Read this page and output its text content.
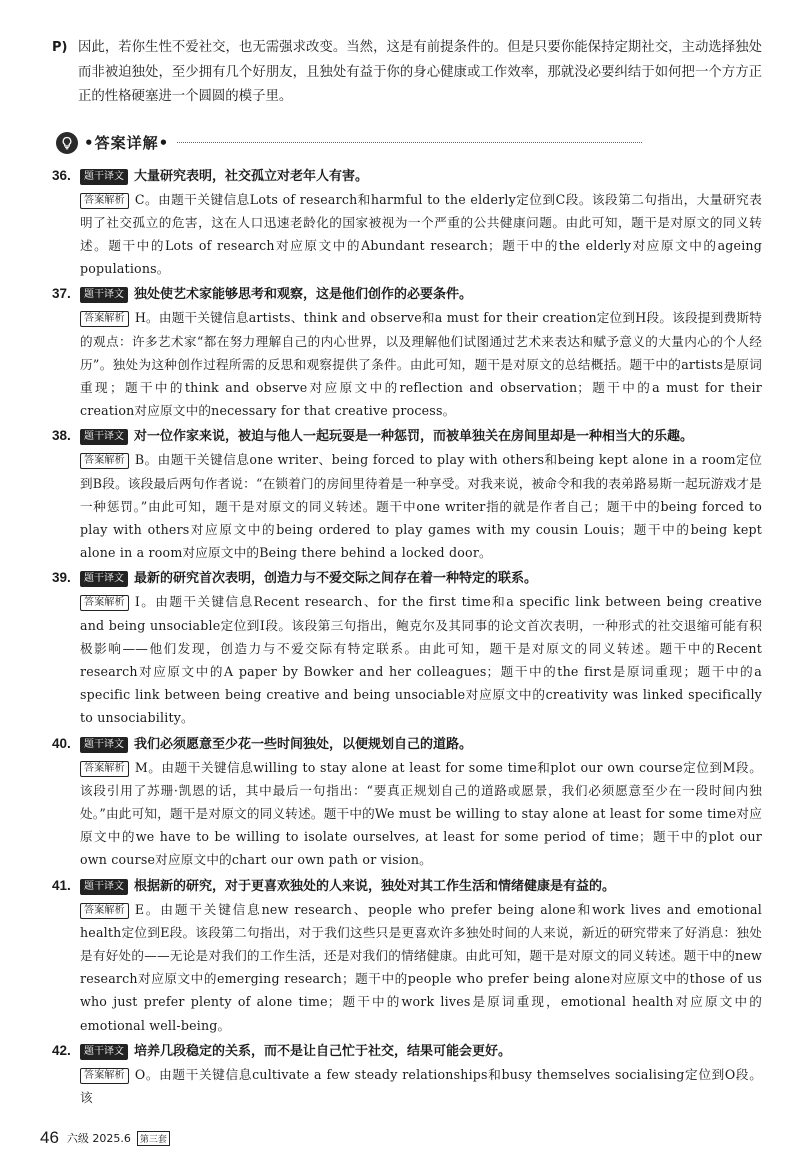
P) 因此，若你生性不爱社交，也无需强求改变。当然，这是有前提条件的。但是只要你能保持定期社交，主动选择独处而非被迫独处，至少拥有几个好朋友，且独处有益于你的身心健康或工作效率，那就没必要纠结于如何把一个方方正正的性格硬塞进一个圆圆的模子里。
•答案详解•
36.	题干译文 大量研究表明，社交孤立对老年人有害。
答案解析 C。由题干关键信息Lots of research和harmful to the elderly定位到C段。该段第二句指出，大量研究表明了社交孤立的危害，这在人口迅速老龄化的国家被视为一个严重的公共健康问题。由此可知，题干是对原文的同义转述。题干中的Lots of research对应原文中的Abundant research；题干中的the elderly对应原文中的ageing populations。
37.	题干译文 独处使艺术家能够思考和观察，这是他们创作的必要条件。
答案解析 H。由题干关键信息artists、think and observe和a must for their creation定位到H段。该段提到费斯特的观点：许多艺术家“都在努力理解自己的内心世界，以及理解他们试图通过艺术来表达和赋予意义的大量内心的个人经历”。独处为这种创作过程所需的反思和观察提供了条件。由此可知，题干是对原文的总结概括。题干中的artists是原词重现；题干中的think and observe对应原文中的reflection and observation；题干中的a must for their creation对应原文中的necessary for that creative process。
38.	题干译文 对一位作家来说，被迫与他人一起玩耍是一种惩罚，而被单独关在房间里却是一种相当大的乐趣。
答案解析 B。由题干关键信息one writer、being forced to play with others和being kept alone in a room定位到B段。该段最后两句作者说：“在锁着门的房间里待着是一种享受。对我来说，被命令和我的表弟路易斯一起玩游戏才是一种惩罚。”由此可知，题干是对原文的同义转述。题干中one writer指的就是作者自己；题干中的being forced to play with others对应原文中的being ordered to play games with my cousin Louis；题干中的being kept alone in a room对应原文中的Being there behind a locked door。
39.	题干译文 最新的研究首次表明，创造力与不爱交际之间存在着一种特定的联系。
答案解析 I。由题干关键信息Recent research、for the first time和a specific link between being creative and being unsociable定位到I段。该段第三句指出，鲍克尔及其同事的论文首次表明，一种形式的社交退缩可能有积极影响——他们发现，创造力与不爱交际有特定联系。由此可知，题干是对原文的同义转述。题干中的Recent research对应原文中的A paper by Bowker and her colleagues；题干中的the first是原词重现；题干中的a specific link between being creative and being unsociable对应原文中的creativity was linked specifically to unsociability。
40.	题干译文 我们必须愿意至少花一些时间独处，以便规划自己的道路。
答案解析 M。由题干关键信息willing to stay alone at least for some time和plot our own course定位到M段。该段引用了苏珊·凯恩的话，其中最后一句指出：“要真正规划自己的道路或愿景，我们必须愿意至少在一段时间内独处。”由此可知，题干是对原文的同义转述。题干中的We must be willing to stay alone at least for some time对应原文中的we have to be willing to isolate ourselves, at least for some period of time；题干中的plot our own course对应原文中的chart our own path or vision。
41.	题干译文 根据新的研究，对于更喜欢独处的人来说，独处对其工作生活和情绪健康是有益的。
答案解析 E。由题干关键信息new research、people who prefer being alone和work lives and emotional health定位到E段。该段第二句指出，对于我们这些只是更喜欢许多独处时间的人来说，新近的研究带来了好消息：独处是有好处的——无论是对我们的工作生活，还是对我们的情绪健康。由此可知，题干是对原文的同义转述。题干中的new research对应原文中的emerging research；题干中的people who prefer being alone对应原文中的those of us who just prefer plenty of alone time；题干中的work lives是原词重现，emotional health对应原文中的emotional well-being。
42.	题干译文 培养几段稳定的关系，而不是让自己忙于社交，结果可能会更好。
答案解析 O。由题干关键信息cultivate a few steady relationships和busy themselves socialising定位到O段。该
46 六级 2025.6	第三套
